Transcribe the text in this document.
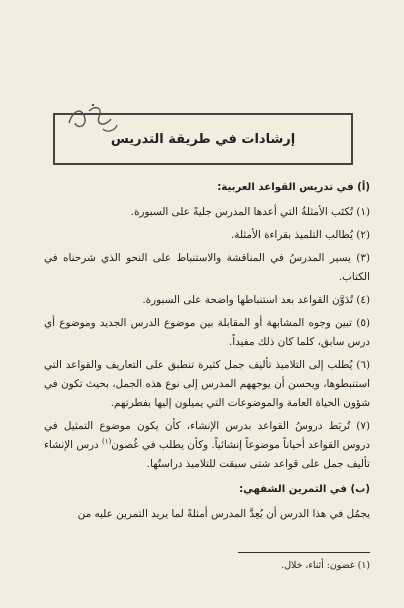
فرع	إرشادات في طريقة التدريس

(أ) في تدريس القواعد العربية:

(١) تُكتَب الأمثلةُ التي أعدها المدرس جليةً على السبورة.

(٢) يُطالب التلميذ بقراءة الأمثلة.

(٣) يسير المدرسُ في المناقشة والاستنباط على النحو الذي شرحناه في الكتاب.

(٤) تُدَوَّن القواعد بعد استنباطها واضحة على السبورة.

(٥) تبين وجوه المشابهة أو المقابلة بين موضوع الدرس الجديد وموضوع أي درس سابق، كلما كان ذلك مفيداً.

(٦) يُطلب إلى التلاميذ تأليف جمل كثيرة تنطبق على التعاريف والقواعد التي استنبطوها، ويحسن أن يوجههم المدرس إلى نوع هذه الجمل، بحيث تكون في شؤون الحياة العامة والموضوعات التي يميلون إليها بفطرتهم.

(٧) تُربَط دروسُ القواعد بدرس الإنشاء، كأن يكون موضوع التمثيل في دروس القواعد أحياناً موضوعاً إنشائياً. وكأن يطلب في غُصون$^{(١)}$ درس الإنشاء تأليف جمل على قواعد شتى سبقت للتلاميذ دراستُها.

(ب) في التمرين الشفهي:

يجمُل في هذا الدرس أن يُعِدَّ المدرس أمثلةً لما يريد التمرين عليه من

(١) غضون: أثناء، خلال.
